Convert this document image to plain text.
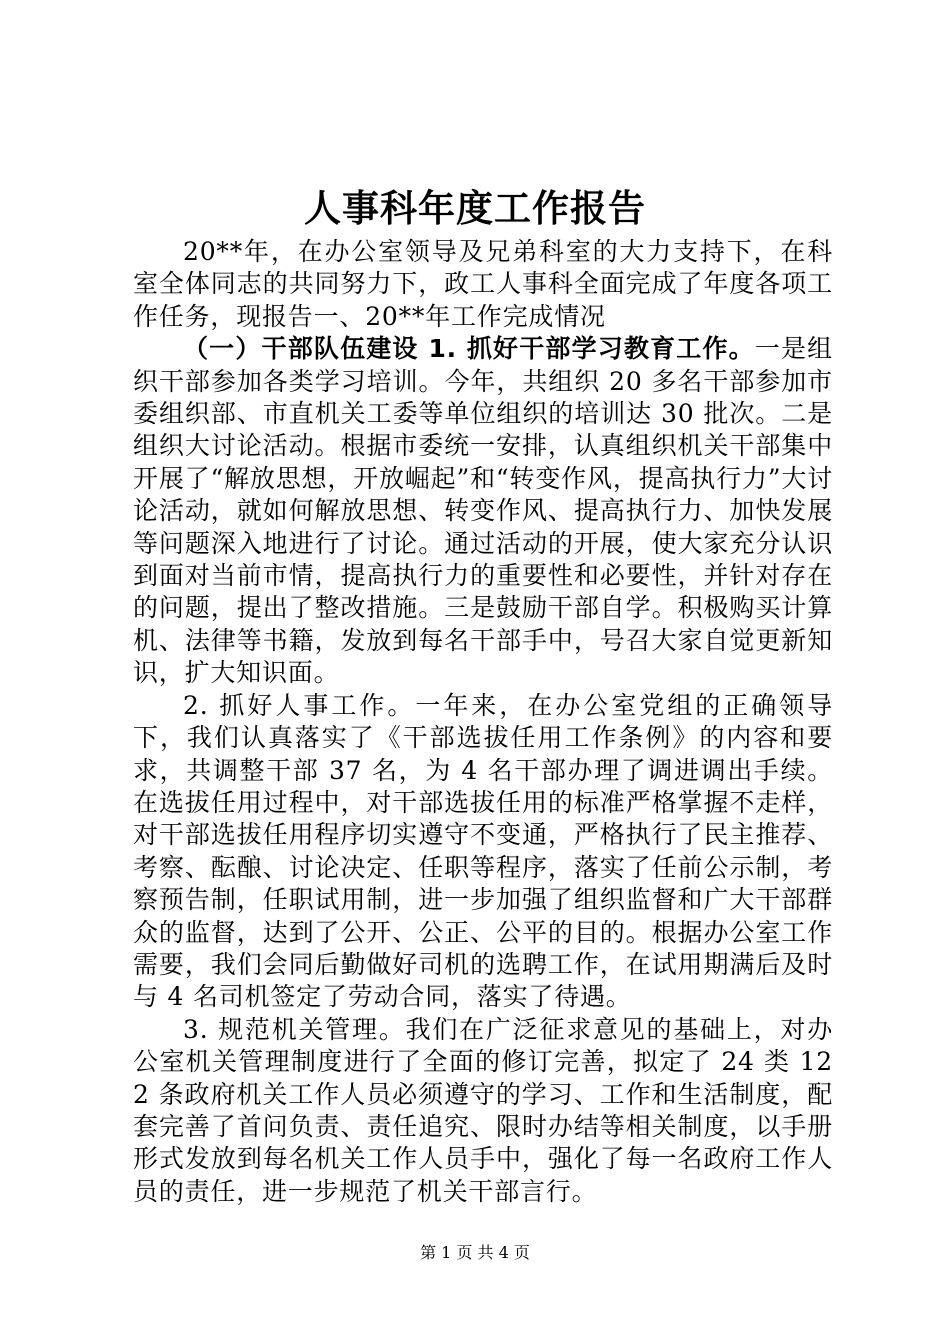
人事科年度工作报告

20**年，在办公室领导及兄弟科室的大力支持下，在科室全体同志的共同努力下，政工人事科全面完成了年度各项工作任务，现报告一、20**年工作完成情况

（一）干部队伍建设 1. 抓好干部学习教育工作。一是组织干部参加各类学习培训。今年，共组织 20 多名干部参加市委组织部、市直机关工委等单位组织的培训达 30 批次。二是组织大讨论活动。根据市委统一安排，认真组织机关干部集中开展了“解放思想，开放崛起”和“转变作风，提高执行力”大讨论活动，就如何解放思想、转变作风、提高执行力、加快发展等问题深入地进行了讨论。通过活动的开展，使大家充分认识到面对当前市情，提高执行力的重要性和必要性，并针对存在的问题，提出了整改措施。三是鼓励干部自学。积极购买计算机、法律等书籍，发放到每名干部手中，号召大家自觉更新知识，扩大知识面。

2. 抓好人事工作。一年来，在办公室党组的正确领导下，我们认真落实了《干部选拔任用工作条例》的内容和要求，共调整干部 37 名，为 4 名干部办理了调进调出手续。在选拔任用过程中，对干部选拔任用的标准严格掌握不走样，对干部选拔任用程序切实遵守不变通，严格执行了民主推荐、考察、酝酿、讨论决定、任职等程序，落实了任前公示制，考察预告制，任职试用制，进一步加强了组织监督和广大干部群众的监督，达到了公开、公正、公平的目的。根据办公室工作需要，我们会同后勤做好司机的选聘工作，在试用期满后及时与 4 名司机签定了劳动合同，落实了待遇。

3. 规范机关管理。我们在广泛征求意见的基础上，对办公室机关管理制度进行了全面的修订完善，拟定了 24 类 122 条政府机关工作人员必须遵守的学习、工作和生活制度，配套完善了首问负责、责任追究、限时办结等相关制度，以手册形式发放到每名机关工作人员手中，强化了每一名政府工作人员的责任，进一步规范了机关干部言行。

第 1 页 共 4 页
